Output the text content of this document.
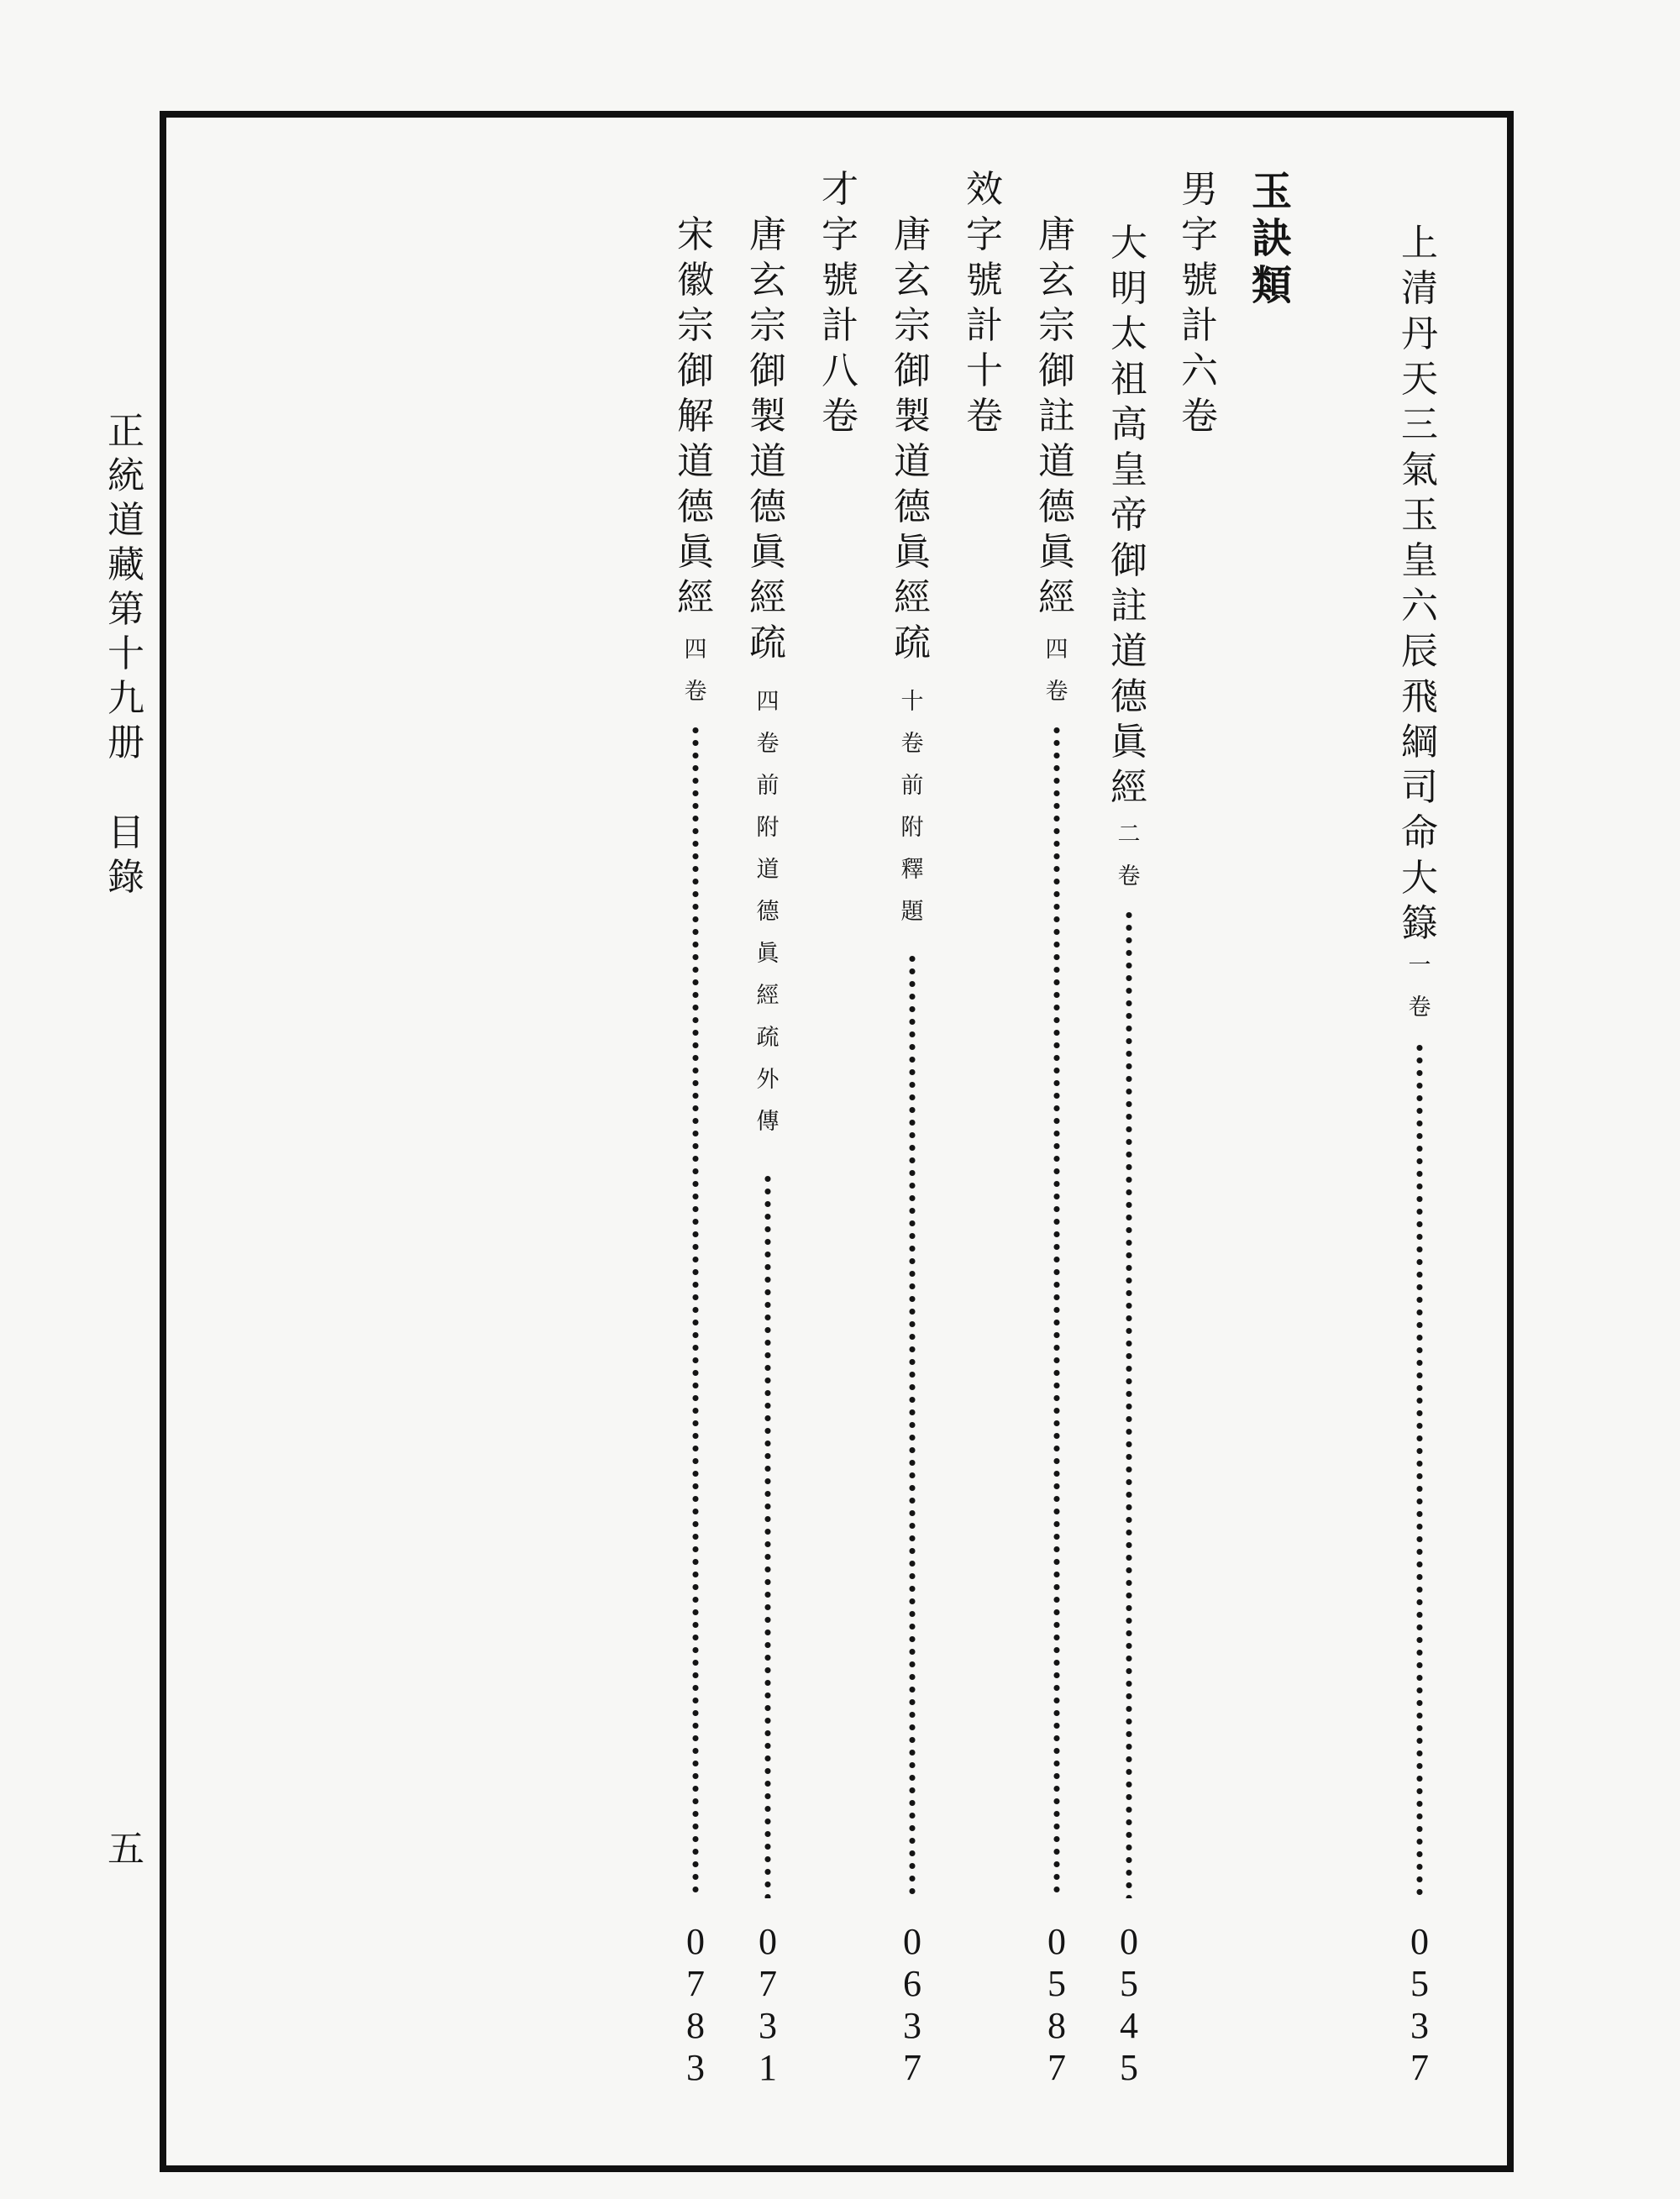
正
統
道
藏
第
十
九
册
目
錄
五
上
清
丹
天
三
氣
玉
皇
六
辰
飛
綱
司
命
大
籙
一
卷
0
5
3
7
玉
訣
類
男
字
號
計
六
卷
大
明
太
祖
高
皇
帝
御
註
道
德
眞
經
二
卷
0
5
4
5
唐
玄
宗
御
註
道
德
眞
經
四
卷
0
5
8
7
效
字
號
計
十
卷
唐
玄
宗
御
製
道
德
眞
經
疏
十
卷
前
附
釋
題
0
6
3
7
才
字
號
計
八
卷
唐
玄
宗
御
製
道
德
眞
經
疏
四
卷
前
附
道
德
眞
經
疏
外
傳
0
7
3
1
宋
徽
宗
御
解
道
德
眞
經
四
卷
0
7
8
3
